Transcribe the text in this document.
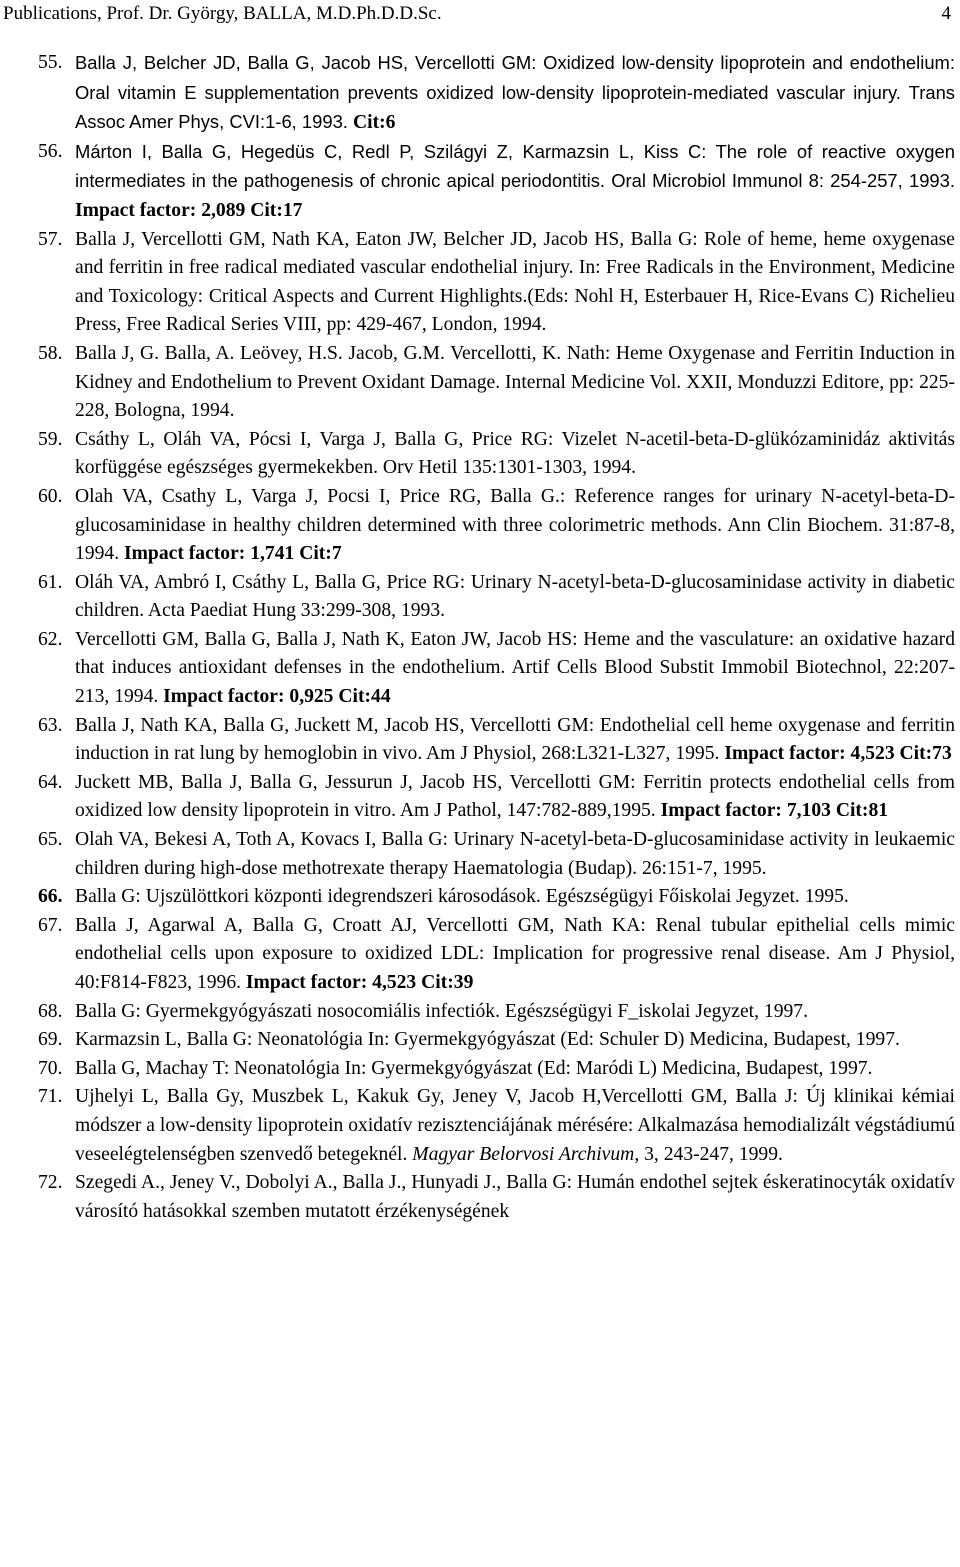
Publications, Prof. Dr. György, BALLA, M.D.Ph.D.D.Sc.	4
55. Balla J, Belcher JD, Balla G, Jacob HS, Vercellotti GM: Oxidized low-density lipoprotein and endothelium: Oral vitamin E supplementation prevents oxidized low-density lipoprotein-mediated vascular injury. Trans Assoc Amer Phys, CVI:1-6, 1993. Cit:6
56. Márton I, Balla G, Hegedüs C, Redl P, Szilágyi Z, Karmazsin L, Kiss C: The role of reactive oxygen intermediates in the pathogenesis of chronic apical periodontitis. Oral Microbiol Immunol 8: 254-257, 1993. Impact factor: 2,089 Cit:17
57. Balla J, Vercellotti GM, Nath KA, Eaton JW, Belcher JD, Jacob HS, Balla G: Role of heme, heme oxygenase and ferritin in free radical mediated vascular endothelial injury. In: Free Radicals in the Environment, Medicine and Toxicology: Critical Aspects and Current Highlights.(Eds: Nohl H, Esterbauer H, Rice-Evans C) Richelieu Press, Free Radical Series VIII, pp: 429-467, London, 1994.
58. Balla J, G. Balla, A. Leövey, H.S. Jacob, G.M. Vercellotti, K. Nath: Heme Oxygenase and Ferritin Induction in Kidney and Endothelium to Prevent Oxidant Damage. Internal Medicine Vol. XXII, Monduzzi Editore, pp: 225-228, Bologna, 1994.
59. Csáthy L, Oláh VA, Pócsi I, Varga J, Balla G, Price RG: Vizelet N-acetil-beta-D-glükózaminidáz aktivitás korfüggése egészséges gyermekekben. Orv Hetil 135:1301-1303, 1994.
60. Olah VA, Csathy L, Varga J, Pocsi I, Price RG, Balla G.: Reference ranges for urinary N-acetyl-beta-D-glucosaminidase in healthy children determined with three colorimetric methods. Ann Clin Biochem. 31:87-8, 1994. Impact factor: 1,741 Cit:7
61. Oláh VA, Ambró I, Csáthy L, Balla G, Price RG: Urinary N-acetyl-beta-D-glucosaminidase activity in diabetic children. Acta Paediat Hung 33:299-308, 1993.
62. Vercellotti GM, Balla G, Balla J, Nath K, Eaton JW, Jacob HS: Heme and the vasculature: an oxidative hazard that induces antioxidant defenses in the endothelium. Artif Cells Blood Substit Immobil Biotechnol, 22:207-213, 1994. Impact factor: 0,925 Cit:44
63. Balla J, Nath KA, Balla G, Juckett M, Jacob HS, Vercellotti GM: Endothelial cell heme oxygenase and ferritin induction in rat lung by hemoglobin in vivo. Am J Physiol, 268:L321-L327, 1995. Impact factor: 4,523 Cit:73
64. Juckett MB, Balla J, Balla G, Jessurun J, Jacob HS, Vercellotti GM: Ferritin protects endothelial cells from oxidized low density lipoprotein in vitro. Am J Pathol, 147:782-889,1995. Impact factor: 7,103 Cit:81
65. Olah VA, Bekesi A, Toth A, Kovacs I, Balla G: Urinary N-acetyl-beta-D-glucosaminidase activity in leukaemic children during high-dose methotrexate therapy Haematologia (Budap). 26:151-7, 1995.
66. Balla G: Ujszülöttkori központi idegrendszeri károsodások. Egészségügyi Főiskolai Jegyzet. 1995.
67. Balla J, Agarwal A, Balla G, Croatt AJ, Vercellotti GM, Nath KA: Renal tubular epithelial cells mimic endothelial cells upon exposure to oxidized LDL: Implication for progressive renal disease. Am J Physiol, 40:F814-F823, 1996. Impact factor: 4,523 Cit:39
68. Balla G: Gyermekgyógyászati nosocomiális infectiók. Egészségügyi F_iskolai Jegyzet, 1997.
69. Karmazsin L, Balla G: Neonatológia In: Gyermekgyógyászat (Ed: Schuler D) Medicina, Budapest, 1997.
70. Balla G, Machay T: Neonatológia In: Gyermekgyógyászat (Ed: Maródi L) Medicina, Budapest, 1997.
71. Ujhelyi L, Balla Gy, Muszbek L, Kakuk Gy, Jeney V, Jacob H,Vercellotti GM, Balla J: Új klinikai kémiai módszer a low-density lipoprotein oxidatív rezisztenciájának mérésére: Alkalmazása hemodializált végstádiumú veseelégtelenségben szenvedő betegeknél. Magyar Belorvosi Archivum, 3, 243-247, 1999.
72. Szegedi A., Jeney V., Dobolyi A., Balla J., Hunyadi J., Balla G: Humán endothel sejtek éskeratinocyták oxidatív városító hatásokkal szemben mutatott érzékenységének
